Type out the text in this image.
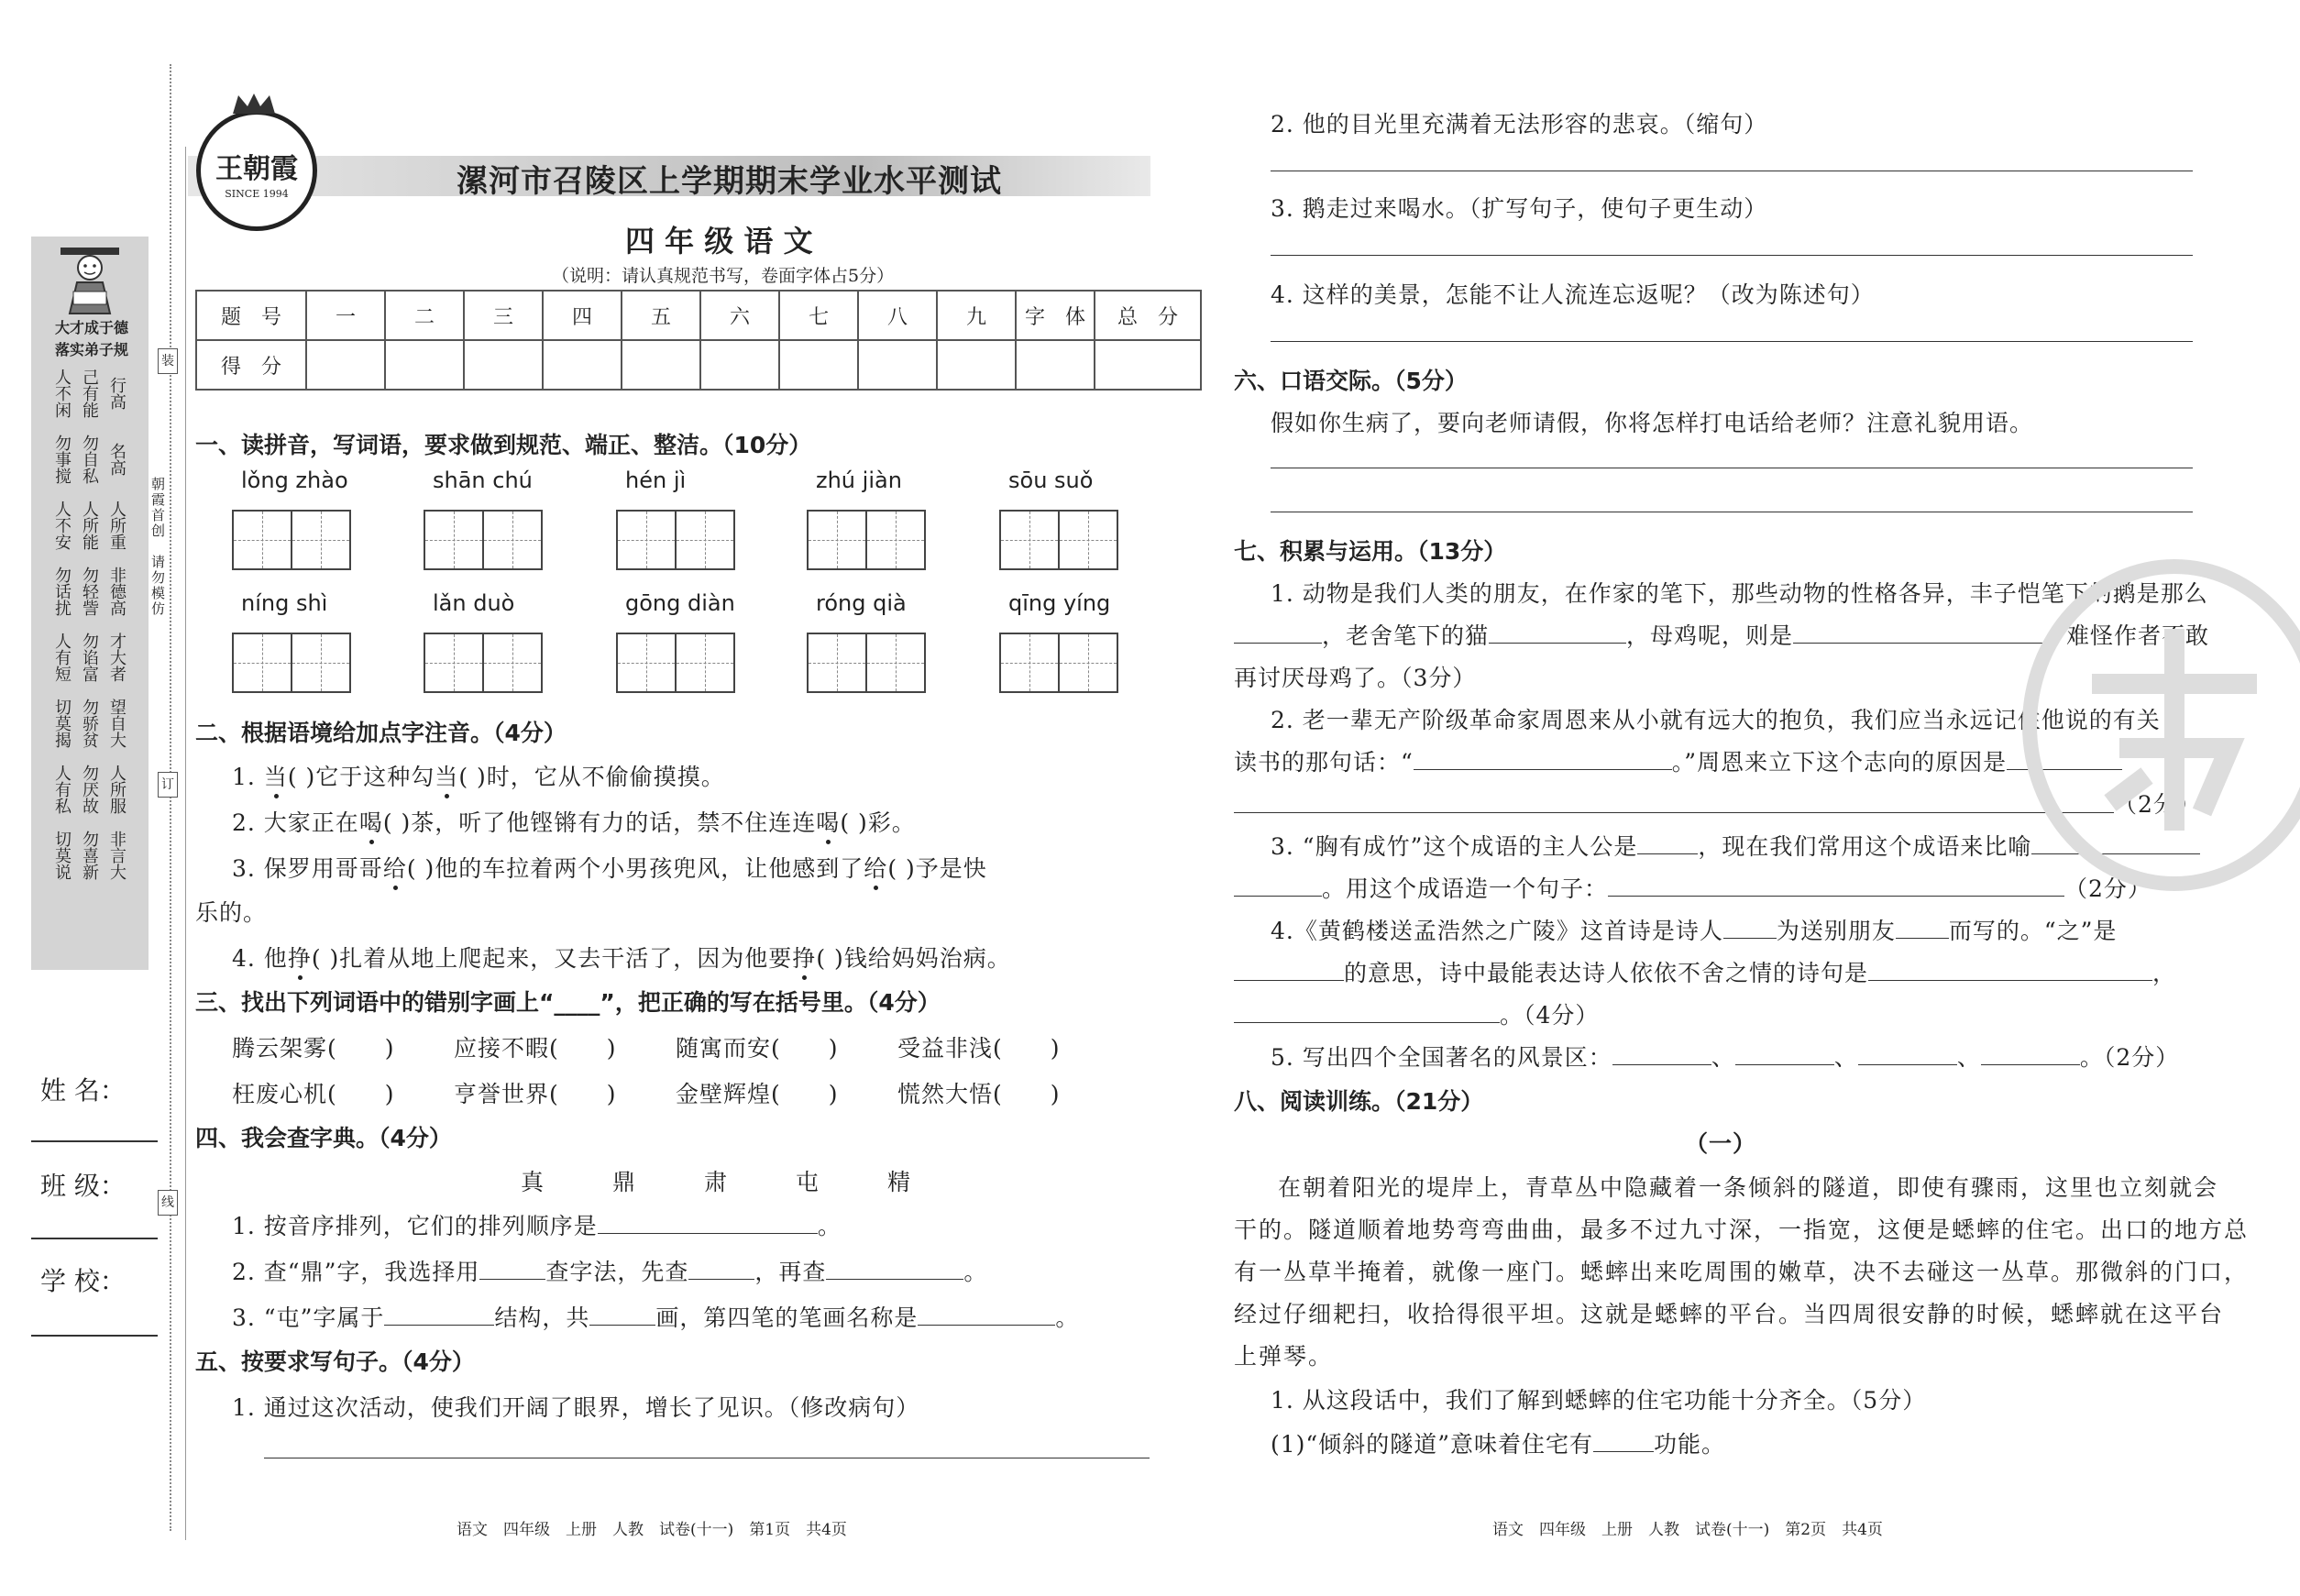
大才成于德
落实弟子规
人不闲 己有能 行高
勿事搅 勿自私 名高
人不安 人所能 人所重
勿话扰 勿轻訾 非德高
人有短 勿谄富 才大者
切莫揭 勿骄贫 望自大
人有私 勿厌故 人所服
切莫说 勿喜新 非言大
朝霞首创　请勿模仿
装
订
线
姓 名：
班 级：
学 校：
王朝霞
SINCE 1994	漯河市召陵区上学期期末学业水平测试
四 年 级 语 文
（说明：请认真规范书写，卷面字体占5分）
题　号	一	二	三	四	五	六	七	八	九	字　体	总　分
得　分											
一、读拼音，写词语，要求做到规范、端正、整洁。（10分）
lǒng zhào	shān chú	hén jì	zhú jiàn	sōu suǒ
níng shì	lǎn duò	gōng diàn	róng qià	qīng yíng
二、根据语境给加点字注音。（4分）
1. 当( )它于这种勾当( )时，它从不偷偷摸摸。
2. 大家正在喝( )茶，听了他铿锵有力的话，禁不住连连喝( )彩。
3. 保罗用哥哥给( )他的车拉着两个小男孩兜风，让他感到了给( )予是快
乐的。
4. 他挣( )扎着从地上爬起来，又去干活了，因为他要挣( )钱给妈妈治病。
三、找出下列词语中的错别字画上“____”，把正确的写在括号里。（4分）
腾云架雾(　　)	应接不暇(　　)	随寓而安(　　)	受益非浅(　　)
枉废心机(　　)	亨誉世界(　　)	金壁辉煌(　　)	慌然大悟(　　)
四、我会查字典。（4分）
真	鼎	肃	屯	精
1. 按音序排列，它们的排列顺序是	。
2. 查“鼎”字，我选择用	查字法，先查	，再查	。
3. “屯”字属于	结构，共	画，第四笔的笔画名称是	。
五、按要求写句子。（4分）
1. 通过这次活动，使我们开阔了眼界，增长了见识。（修改病句）
语文　四年级　上册　人教　试卷(十一)　第1页　共4页
2. 他的目光里充满着无法形容的悲哀。（缩句）
3. 鹅走过来喝水。（扩写句子，使句子更生动）
4. 这样的美景，怎能不让人流连忘返呢？（改为陈述句）
六、口语交际。（5分）
假如你生病了，要向老师请假，你将怎样打电话给老师？注意礼貌用语。
七、积累与运用。（13分）
1. 动物是我们人类的朋友，在作家的笔下，那些动物的性格各异，丰子恺笔下的鹅是那么
，老舍笔下的猫	，母鸡呢，则是	，难怪作者不敢
再讨厌母鸡了。（3分）
2. 老一辈无产阶级革命家周恩来从小就有远大的抱负，我们应当永远记住他说的有关
读书的那句话：“	。”周恩来立下这个志向的原因是
（2分）
3. “胸有成竹”这个成语的主人公是	，现在我们常用这个成语来比喻
。用这个成语造一个句子：	（2分）
4.《黄鹤楼送孟浩然之广陵》这首诗是诗人 为送别朋友 而写的。“之”是
的意思，诗中最能表达诗人依依不舍之情的诗句是	，
。（4分）
5. 写出四个全国著名的风景区：	、	、	、	。（2分）
八、阅读训练。（21分）
（一）
在朝着阳光的堤岸上，青草丛中隐藏着一条倾斜的隧道，即使有骤雨，这里也立刻就会
干的。隧道顺着地势弯弯曲曲，最多不过九寸深，一指宽，这便是蟋蟀的住宅。出口的地方总
有一丛草半掩着，就像一座门。蟋蟀出来吃周围的嫩草，决不去碰这一丛草。那微斜的门口，
经过仔细耙扫，收拾得很平坦。这就是蟋蟀的平台。当四周很安静的时候，蟋蟀就在这平台
上弹琴。
1. 从这段话中，我们了解到蟋蟀的住宅功能十分齐全。（5分）
(1)“倾斜的隧道”意味着住宅有	功能。
语文　四年级　上册　人教　试卷(十一)　第2页　共4页
